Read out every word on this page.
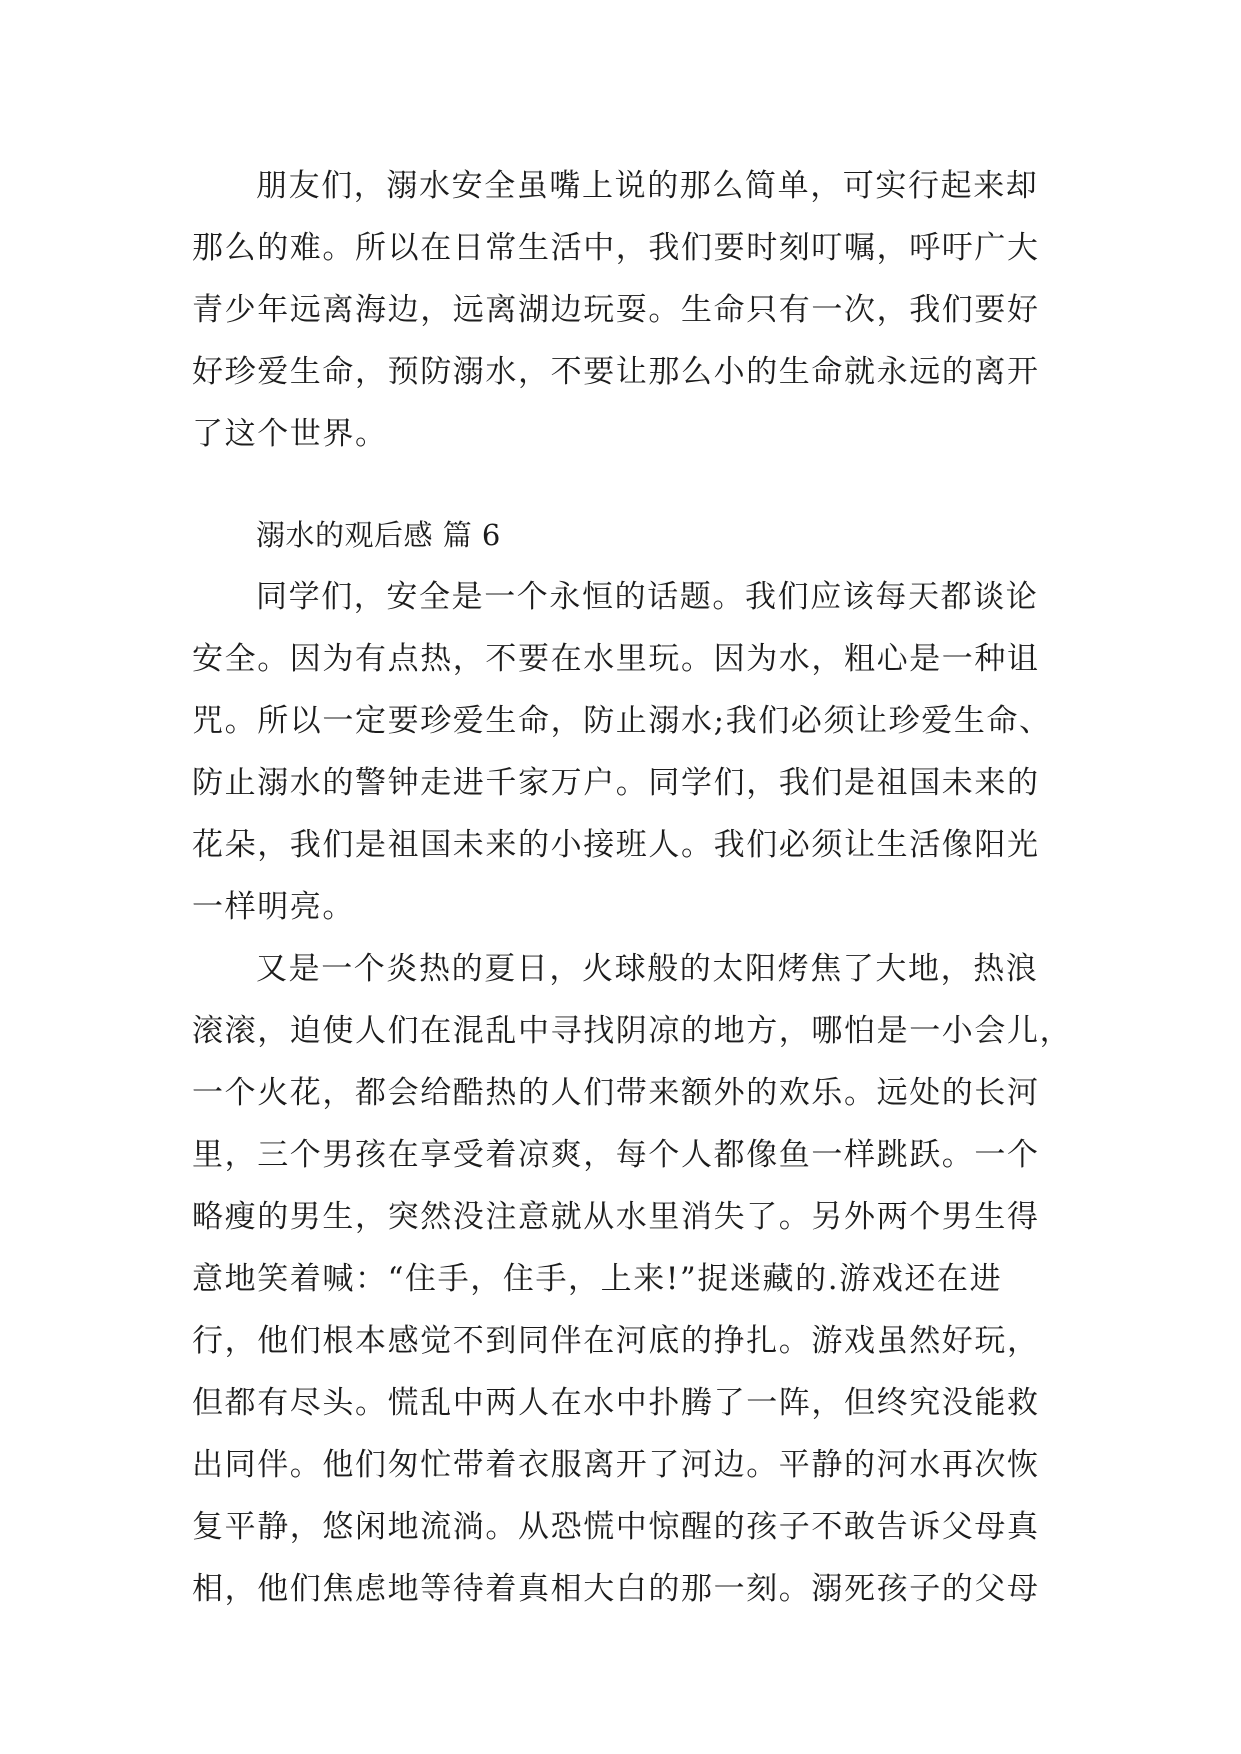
朋友们，溺水安全虽嘴上说的那么简单，可实行起来却
那么的难。所以在日常生活中，我们要时刻叮嘱，呼吁广大
青少年远离海边，远离湖边玩耍。生命只有一次，我们要好
好珍爱生命，预防溺水，不要让那么小的生命就永远的离开
了这个世界。
溺水的观后感 篇 6
同学们，安全是一个永恒的话题。我们应该每天都谈论
安全。因为有点热，不要在水里玩。因为水，粗心是一种诅
咒。所以一定要珍爱生命，防止溺水;我们必须让珍爱生命、
防止溺水的警钟走进千家万户。同学们，我们是祖国未来的
花朵，我们是祖国未来的小接班人。我们必须让生活像阳光
一样明亮。
又是一个炎热的夏日，火球般的太阳烤焦了大地，热浪
滚滚，迫使人们在混乱中寻找阴凉的地方，哪怕是一小会儿，
一个火花，都会给酷热的人们带来额外的欢乐。远处的长河
里，三个男孩在享受着凉爽，每个人都像鱼一样跳跃。一个
略瘦的男生，突然没注意就从水里消失了。另外两个男生得
意地笑着喊：“住手，住手，上来!”捉迷藏的.游戏还在进
行，他们根本感觉不到同伴在河底的挣扎。游戏虽然好玩，
但都有尽头。慌乱中两人在水中扑腾了一阵，但终究没能救
出同伴。他们匆忙带着衣服离开了河边。平静的河水再次恢
复平静，悠闲地流淌。从恐慌中惊醒的孩子不敢告诉父母真
相，他们焦虑地等待着真相大白的那一刻。溺死孩子的父母
